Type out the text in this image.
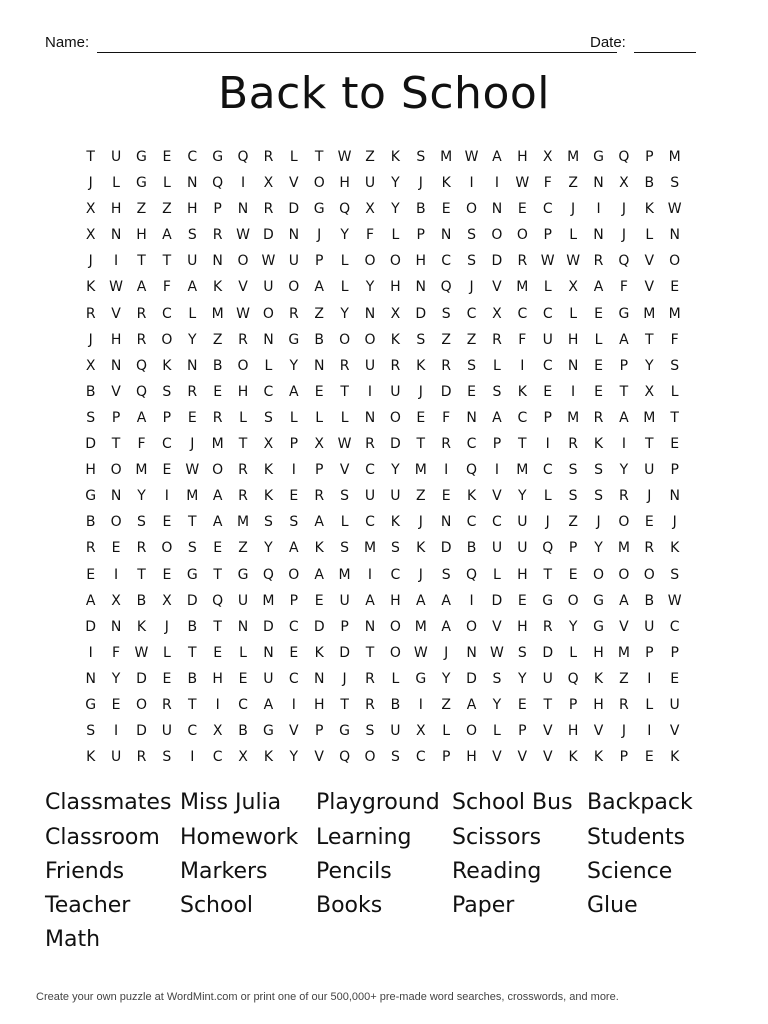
Name:	Date:
Back to School
T U G E C G Q R L T W Z K S M W A H X M G Q P M
J L G L N Q I X V O H U Y J K I I W F Z N X B S
X H Z Z H P N R D G Q X Y B E O N E C J I J K W
X N H A S R W D N J Y F L P N S O O P L N J L N
J I T T U N O W U P L O O H C S D R W W R Q V O
K W A F A K V U O A L Y H N Q J V M L X A F V E
R V R C L M W O R Z Y N X D S C X C C L E G M M
J H R O Y Z R N G B O O K S Z Z R F U H L A T F
X N Q K N B O L Y N R U R K R S L I C N E P Y S
B V Q S R E H C A E T I U J D E S K E I E T X L
S P A P E R L S L L L N O E F N A C P M R A M T
D T F C J M T X P X W R D T R C P T I R K I T E
H O M E W O R K I P V C Y M I Q I M C S S Y U P
G N Y I M A R K E R S U U Z E K V Y L S S R J N
B O S E T A M S S A L C K J N C C U J Z J O E J
R E R O S E Z Y A K S M S K D B U U Q P Y M R K
E I T E G T G Q O A M I C J S Q L H T E O O O S
A X B X D Q U M P E U A H A A I D E G O G A B W
D N K J B T N D C D P N O M A O V H R Y G V U C
I F W L T E L N E K D T O W J N W S D L H M P P
N Y D E B H E U C N J R L G Y D S Y U Q K Z I E
G E O R T I C A I H T R B I Z A Y E T P H R L U
S I D U C X B G V P G S U X L O L P V H V J I V
K U R S I C X K Y V Q O S C P H V V V K K P E K
Classmates Miss Julia Playground School Bus Backpack
Classroom Homework Learning Scissors Students
Friends	Markers Pencils	Reading Science
Teacher School	Books	Paper	Glue
Math
Create your own puzzle at WordMint.com or print one of our 500,000+ pre-made word searches, crosswords, and more.
